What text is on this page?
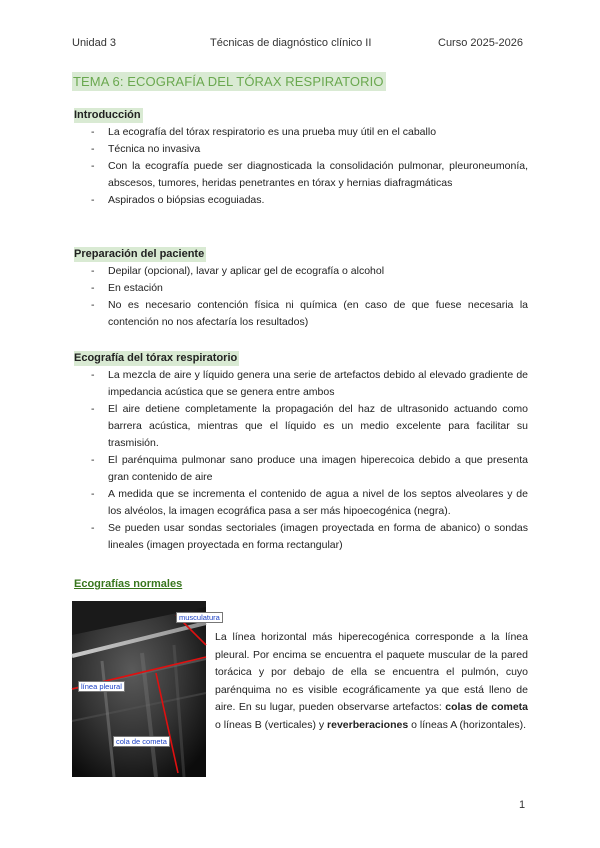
Unidad 3	Técnicas de diagnóstico clínico II	Curso 2025-2026
TEMA 6: ECOGRAFÍA DEL TÓRAX RESPIRATORIO
Introducción
- La ecografía del tórax respiratorio es una prueba muy útil en el caballo
- Técnica no invasiva
- Con la ecografía puede ser diagnosticada la consolidación pulmonar, pleuroneumonía, abscesos, tumores, heridas penetrantes en tórax y hernias diafragmáticas
- Aspirados o biópsias ecoguiadas.
Preparación del paciente
- Depilar (opcional), lavar y aplicar gel de ecografía o alcohol
- En estación
- No es necesario contención física ni química (en caso de que fuese necesaria la contención no nos afectaría los resultados)
Ecografía del tórax respiratorio
- La mezcla de aire y líquido genera una serie de artefactos debido al elevado gradiente de impedancia acústica que se genera entre ambos
- El aire detiene completamente la propagación del haz de ultrasonido actuando como barrera acústica, mientras que el líquido es un medio excelente para facilitar su trasmisión.
- El parénquima pulmonar sano produce una imagen hiperecoica debido a que presenta gran contenido de aire
- A medida que se incrementa el contenido de agua a nivel de los septos alveolares y de los alvéolos, la imagen ecográfica pasa a ser más hipoecogénica (negra).
- Se pueden usar sondas sectoriales (imagen proyectada en forma de abanico) o sondas lineales (imagen proyectada en forma rectangular)
Ecografías normales
musculatura
línea pleural
cola de cometa
La línea horizontal más hiperecogénica corresponde a la línea pleural. Por encima se encuentra el paquete muscular de la pared torácica y por debajo de ella se encuentra el pulmón, cuyo parénquima no es visible ecográficamente ya que está lleno de aire. En su lugar, pueden observarse artefactos: colas de cometa o líneas B (verticales) y reverberaciones o líneas A (horizontales).
1
